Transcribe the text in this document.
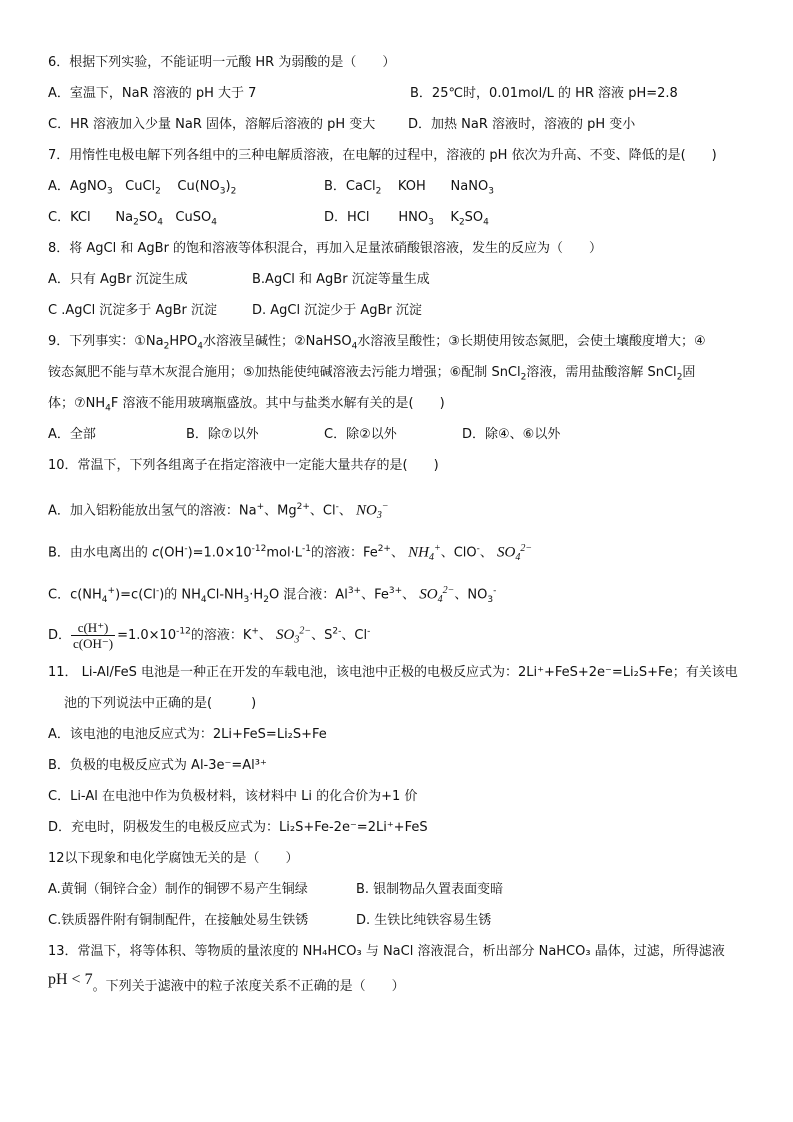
6．根据下列实验，不能证明一元酸 HR 为弱酸的是（　　）
A．室温下，NaR 溶液的 pH 大于 7	B．25℃时，0.01mol/L 的 HR 溶液 pH=2.8
C．HR 溶液加入少量 NaR 固体，溶解后溶液的 pH 变大	D．加热 NaR 溶液时，溶液的 pH 变小
7．用惰性电极电解下列各组中的三种电解质溶液，在电解的过程中，溶液的 pH 依次为升高、不变、降低的是(　　)
A．AgNO$_3$   CuCl$_2$    $Cu(NO_3)_2$	B．CaCl$_2$    KOH      NaNO$_3$
C．KCl      $Na_2SO_4$   CuSO$_4$	D．HCl       $HNO_3$    $K_2SO_4$
8．将 AgCl 和 AgBr 的饱和溶液等体积混合，再加入足量浓硝酸银溶液，发生的反应为（　　）
A．只有 AgBr 沉淀生成	B.AgCl 和 AgBr 沉淀等量生成
C .AgCl 沉淀多于 AgBr 沉淀	D. AgCl 沉淀少于 AgBr 沉淀
9．下列事实：$①Na_2HPO_4$水溶液呈碱性；②NaHSO$_4$水溶液呈酸性；③长期使用铵态氮肥，会使土壤酸度增大；④
铵态氮肥不能与草木灰混合施用；⑤加热能使纯碱溶液去污能力增强；⑥配制 SnCl$_2$溶液，需用盐酸溶解 SnCl$_2$固
体；$⑦NH_4F$ 溶液不能用玻璃瓶盛放。其中与盐类水解有关的是(　　)
A．全部	B．除⑦以外	C．除②以外	D．除④、⑥以外
10．常温下，下列各组离子在指定溶液中一定能大量共存的是(　　)
A．加入铝粉能放出氢气的溶液：Na+、$Mg^{2+}$、Cl-、 $NO_3^-$
B．由水电离出的 $c(OH^-)=1.0\times 10^{-12}mol\cdot L^{-1}$的溶液：$Fe^{2+}$、 $NH_4^+$、ClO-、 $SO_4^{2-}$
C．$c(NH_4^+)=c(Cl^-)$的 $NH_4Cl-NH_3\cdot H_2O$ 混合液：$Al^{3+}$、$Fe^{3+}$、 $SO_4^{2-}$、$NO_3^-$
D． $\frac{c(H^+)}{c(OH^-)} =1.0\times 10^{-12}$的溶液：K+、 $SO_3^{2-}$、$S^{2-}$、Cl-
11． Li-Al/FeS 电池是一种正在开发的车载电池，该电池中正极的电极反应式为：2Li⁺+FeS+2e⁻=Li₂S+Fe；有关该电
池的下列说法中正确的是(　　　)
A．该电池的电池反应式为：2Li+FeS=Li₂S+Fe
B．负极的电极反应式为 Al-3e⁻=Al³⁺
C．Li-Al 在电池中作为负极材料，该材料中 Li 的化合价为+1 价
D．充电时，阴极发生的电极反应式为：Li₂S+Fe-2e⁻=2Li⁺+FeS
12以下现象和电化学腐蚀无关的是（　　）
A.黄铜（铜锌合金）制作的铜锣不易产生铜绿	B. 银制物品久置表面变暗
C.铁质器件附有铜制配件，在接触处易生铁锈	D. 生铁比纯铁容易生锈
13．常温下，将等体积、等物质的量浓度的 NH₄HCO₃ 与 NaCl 溶液混合，析出部分 NaHCO₃ 晶体，过滤，所得滤液
pH < 7。下列关于滤液中的粒子浓度关系不正确的是（　　）
